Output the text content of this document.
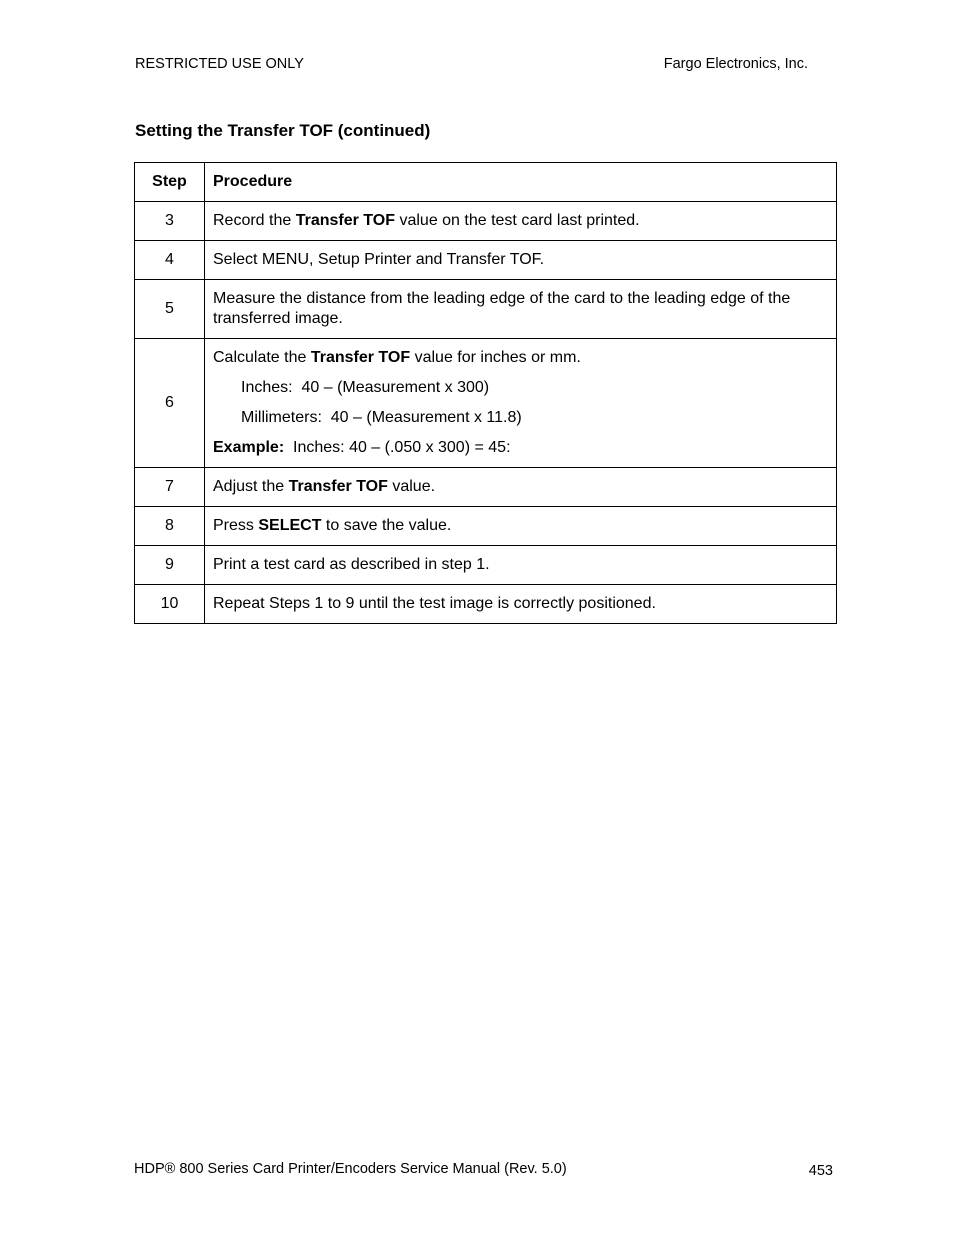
RESTRICTED USE ONLY	Fargo Electronics, Inc.
Setting the Transfer TOF (continued)
Step	Procedure
3	Record the Transfer TOF value on the test card last printed.
4	Select MENU, Setup Printer and Transfer TOF.
5	Measure the distance from the leading edge of the card to the leading edge of the transferred image.
6	Calculate the Transfer TOF value for inches or mm.
Inches:  40 – (Measurement x 300)
Millimeters:  40 – (Measurement x 11.8)
Example:  Inches: 40 – (.050 x 300) = 45:

7	Adjust the Transfer TOF value.
8	Press SELECT to save the value.
9	Print a test card as described in step 1.
10	Repeat Steps 1 to 9 until the test image is correctly positioned.
HDP® 800 Series Card Printer/Encoders Service Manual (Rev. 5.0)	453
